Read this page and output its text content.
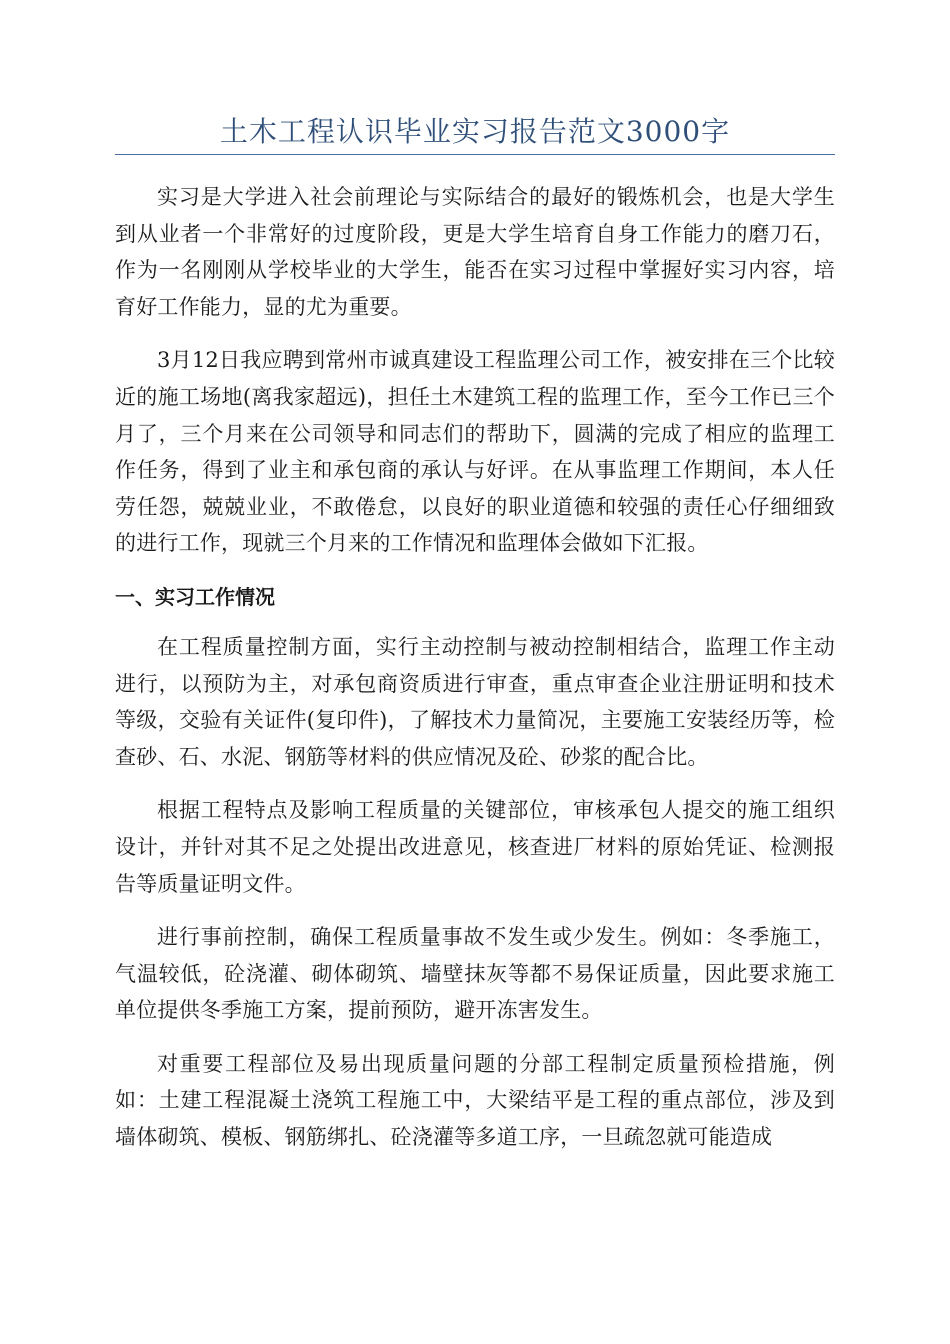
土木工程认识毕业实习报告范文3000字

实习是大学进入社会前理论与实际结合的最好的锻炼机会，也是大学生到从业者一个非常好的过度阶段，更是大学生培育自身工作能力的磨刀石，作为一名刚刚从学校毕业的大学生，能否在实习过程中掌握好实习内容，培育好工作能力，显的尤为重要。

3月12日我应聘到常州市诚真建设工程监理公司工作，被安排在三个比较近的施工场地(离我家超远)，担任土木建筑工程的监理工作，至今工作已三个月了，三个月来在公司领导和同志们的帮助下，圆满的完成了相应的监理工作任务，得到了业主和承包商的承认与好评。在从事监理工作期间，本人任劳任怨，兢兢业业，不敢倦怠，以良好的职业道德和较强的责任心仔细细致的进行工作，现就三个月来的工作情况和监理体会做如下汇报。

一、实习工作情况

在工程质量控制方面，实行主动控制与被动控制相结合，监理工作主动进行，以预防为主，对承包商资质进行审查，重点审查企业注册证明和技术等级，交验有关证件(复印件)，了解技术力量简况，主要施工安装经历等，检查砂、石、水泥、钢筋等材料的供应情况及砼、砂浆的配合比。

根据工程特点及影响工程质量的关键部位，审核承包人提交的施工组织设计，并针对其不足之处提出改进意见，核查进厂材料的原始凭证、检测报告等质量证明文件。

进行事前控制，确保工程质量事故不发生或少发生。例如：冬季施工，气温较低，砼浇灌、砌体砌筑、墙壁抹灰等都不易保证质量，因此要求施工单位提供冬季施工方案，提前预防，避开冻害发生。

对重要工程部位及易出现质量问题的分部工程制定质量预检措施，例如：土建工程混凝土浇筑工程施工中，大梁结平是工程的重点部位，涉及到墙体砌筑、模板、钢筋绑扎、砼浇灌等多道工序，一旦疏忽就可能造成
